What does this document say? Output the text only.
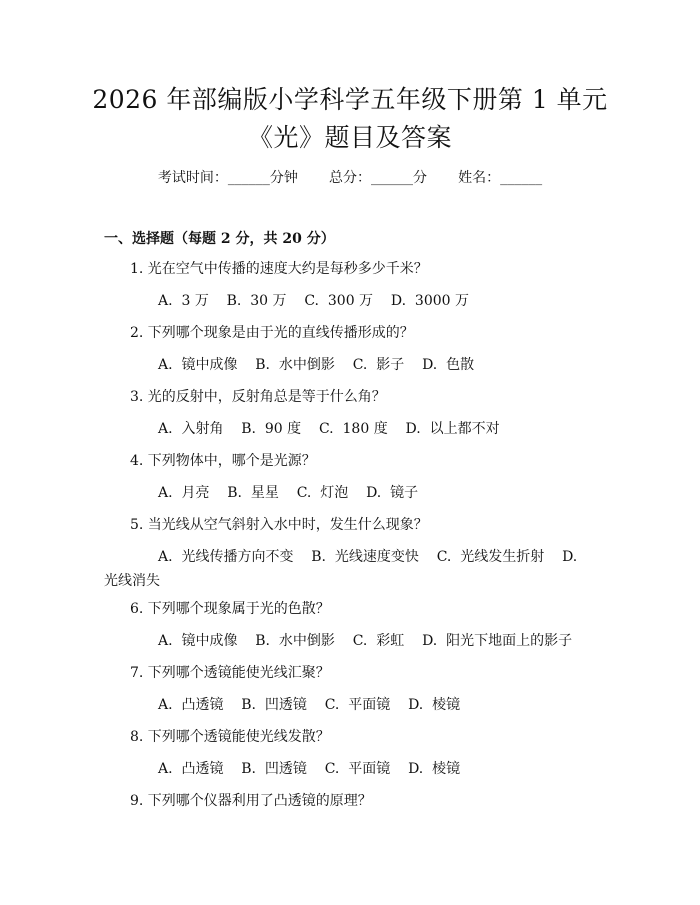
2026 年部编版小学科学五年级下册第 1 单元
《光》题目及答案
考试时间：______分钟 总分：______分 姓名：______
一、选择题（每题 2 分，共 20 分）
1. 光在空气中传播的速度大约是每秒多少千米？
A.  3 万    B.  30 万    C.  300 万    D.  3000 万
2. 下列哪个现象是由于光的直线传播形成的？
A.  镜中成像    B.  水中倒影    C.  影子    D.  色散
3. 光的反射中，反射角总是等于什么角？
A.  入射角    B.  90 度    C.  180 度    D.  以上都不对
4. 下列物体中，哪个是光源？
A.  月亮    B.  星星    C.  灯泡    D.  镜子
5. 当光线从空气斜射入水中时，发生什么现象？
A.  光线传播方向不变    B.  光线速度变快    C.  光线发生折射    D.  光线消失
6. 下列哪个现象属于光的色散？
A.  镜中成像    B.  水中倒影    C.  彩虹    D.  阳光下地面上的影子
7. 下列哪个透镜能使光线汇聚？
A.  凸透镜    B.  凹透镜    C.  平面镜    D.  棱镜
8. 下列哪个透镜能使光线发散？
A.  凸透镜    B.  凹透镜    C.  平面镜    D.  棱镜
9. 下列哪个仪器利用了凸透镜的原理？
